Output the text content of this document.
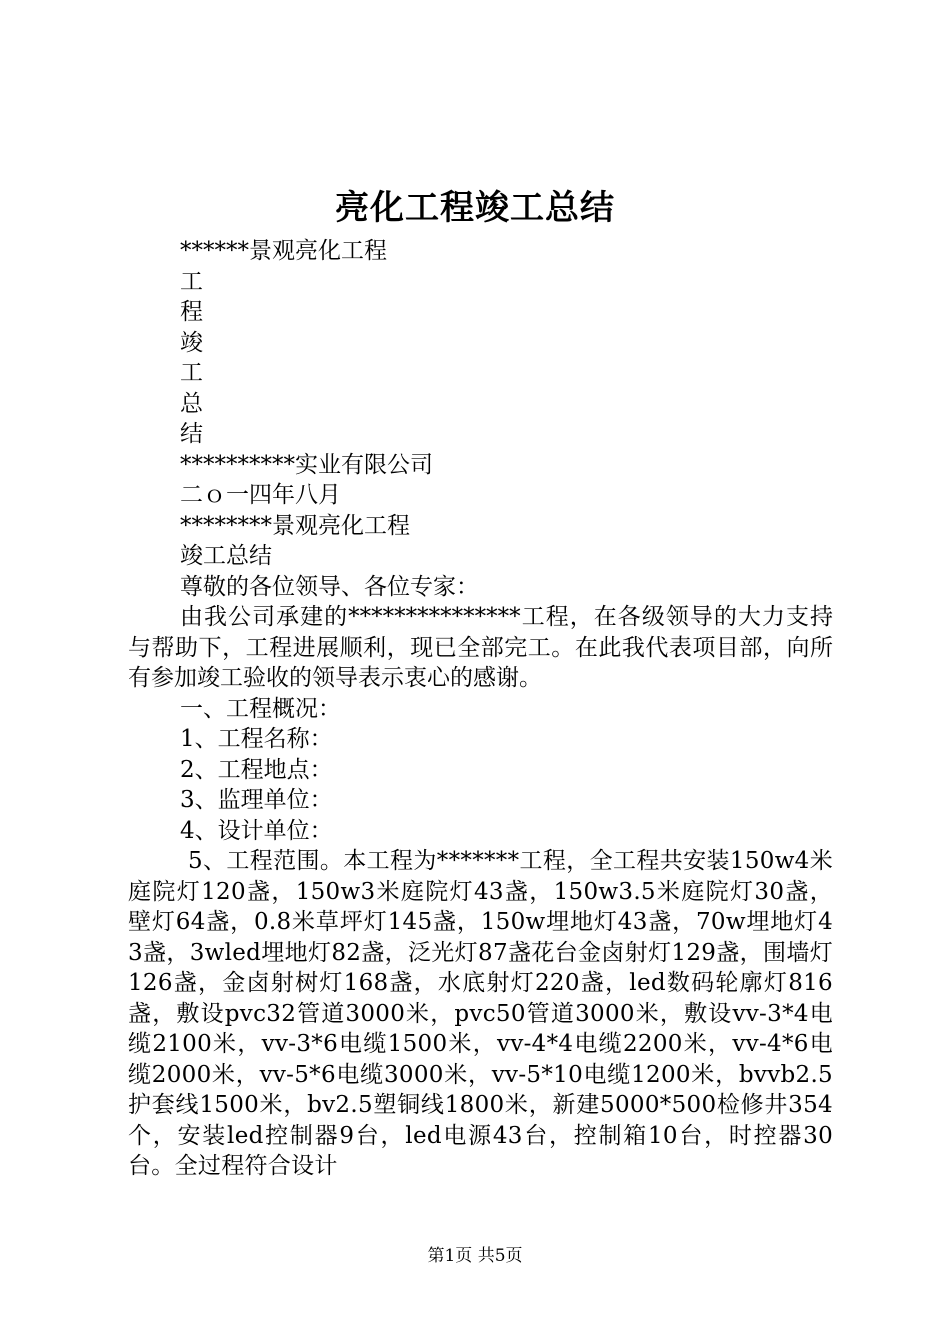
亮化工程竣工总结
******景观亮化工程
工
程
竣
工
总
结
**********实业有限公司
二ｏ一四年八月
********景观亮化工程
竣工总结
尊敬的各位领导、各位专家：

由我公司承建的***************工程，在各级领导的大力支持与帮助下，工程进展顺利，现已全部完工。在此我代表项目部，向所有参加竣工验收的领导表示衷心的感谢。

一、工程概况：
1、工程名称：
2、工程地点：
3、监理单位：
4、设计单位：

5、工程范围。本工程为*******工程，全工程共安装150w4米庭院灯120盏，150w3米庭院灯43盏，150w3.5米庭院灯30盏，壁灯64盏，0.8米草坪灯145盏，150w埋地灯43盏，70w埋地灯43盏，3wled埋地灯82盏，泛光灯87盏花台金卤射灯129盏，围墙灯126盏，金卤射树灯168盏，水底射灯220盏，led数码轮廓灯816盏，敷设pvc32管道3000米，pvc50管道3000米，敷设vv-3*4电缆2100米，vv-3*6电缆1500米，vv-4*4电缆2200米，vv-4*6电缆2000米，vv-5*6电缆3000米，vv-5*10电缆1200米，bvvb2.5护套线1500米，bv2.5塑铜线1800米，新建5000*500检修井354个，安装led控制器9台，led电源43台，控制箱10台，时控器30台。全过程符合设计

第1页 共5页
